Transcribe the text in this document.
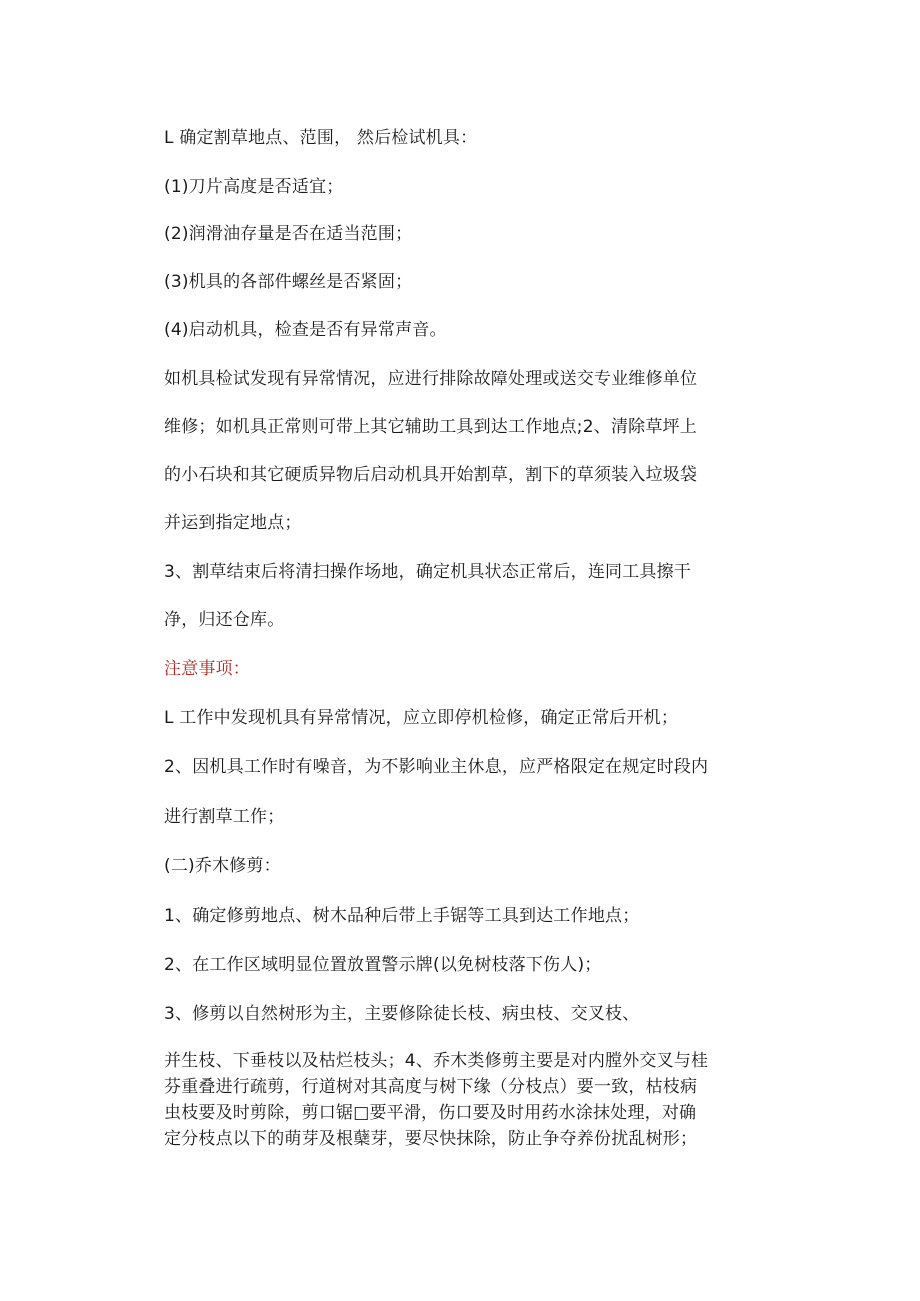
L 确定割草地点、范围， 然后检试机具：

(1)刀片高度是否适宜；

(2)润滑油存量是否在适当范围；

(3)机具的各部件螺丝是否紧固；

(4)启动机具，检查是否有异常声音。

如机具检试发现有异常情况，应进行排除故障处理或送交专业维修单位

维修；如机具正常则可带上其它辅助工具到达工作地点;2、清除草坪上

的小石块和其它硬质异物后启动机具开始割草，割下的草须装入垃圾袋

并运到指定地点；

3、割草结束后将清扫操作场地，确定机具状态正常后，连同工具擦干

净，归还仓库。

注意事项：

L 工作中发现机具有异常情况，应立即停机检修，确定正常后开机；

2、因机具工作时有噪音，为不影响业主休息，应严格限定在规定时段内

进行割草工作；

(二)乔木修剪：

1、确定修剪地点、树木品种后带上手锯等工具到达工作地点；

2、在工作区域明显位置放置警示牌(以免树枝落下伤人)；

3、修剪以自然树形为主，主要修除徒长枝、病虫枝、交叉枝、

并生枝、下垂枝以及枯烂枝头；4、乔木类修剪主要是对内膛外交叉与桂
芬重叠进行疏剪，行道树对其高度与树下缘（分枝点）要一致，枯枝病
虫枝要及时剪除，剪口锯□要平滑，伤口要及时用药水涂抹处理，对确
定分枝点以下的萌芽及根蘖芽，要尽快抹除，防止争夺养份扰乱树形；
